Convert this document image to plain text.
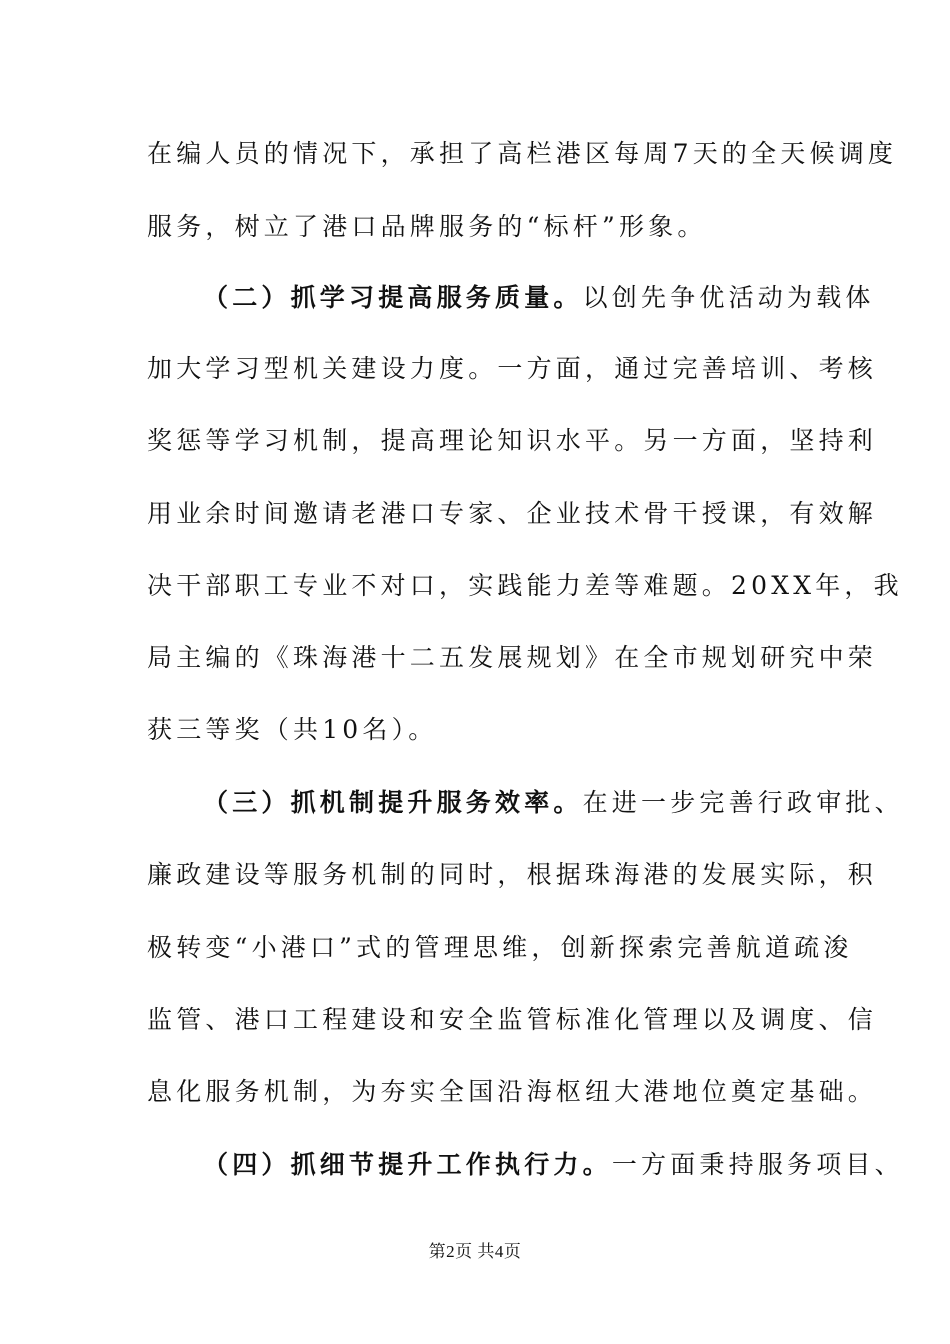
在编人员的情况下，承担了高栏港区每周7天的全天候调度
服务，树立了港口品牌服务的“标杆”形象。
（二）抓学习提高服务质量。以创先争优活动为载体
加大学习型机关建设力度。一方面，通过完善培训、考核
奖惩等学习机制，提高理论知识水平。另一方面，坚持利
用业余时间邀请老港口专家、企业技术骨干授课，有效解
决干部职工专业不对口，实践能力差等难题。20XX年，我
局主编的《珠海港十二五发展规划》在全市规划研究中荣
获三等奖（共10名）。
（三）抓机制提升服务效率。在进一步完善行政审批、
廉政建设等服务机制的同时，根据珠海港的发展实际，积
极转变“小港口”式的管理思维，创新探索完善航道疏浚
监管、港口工程建设和安全监管标准化管理以及调度、信
息化服务机制，为夯实全国沿海枢纽大港地位奠定基础。
（四）抓细节提升工作执行力。一方面秉持服务项目、
第2页 共4页
